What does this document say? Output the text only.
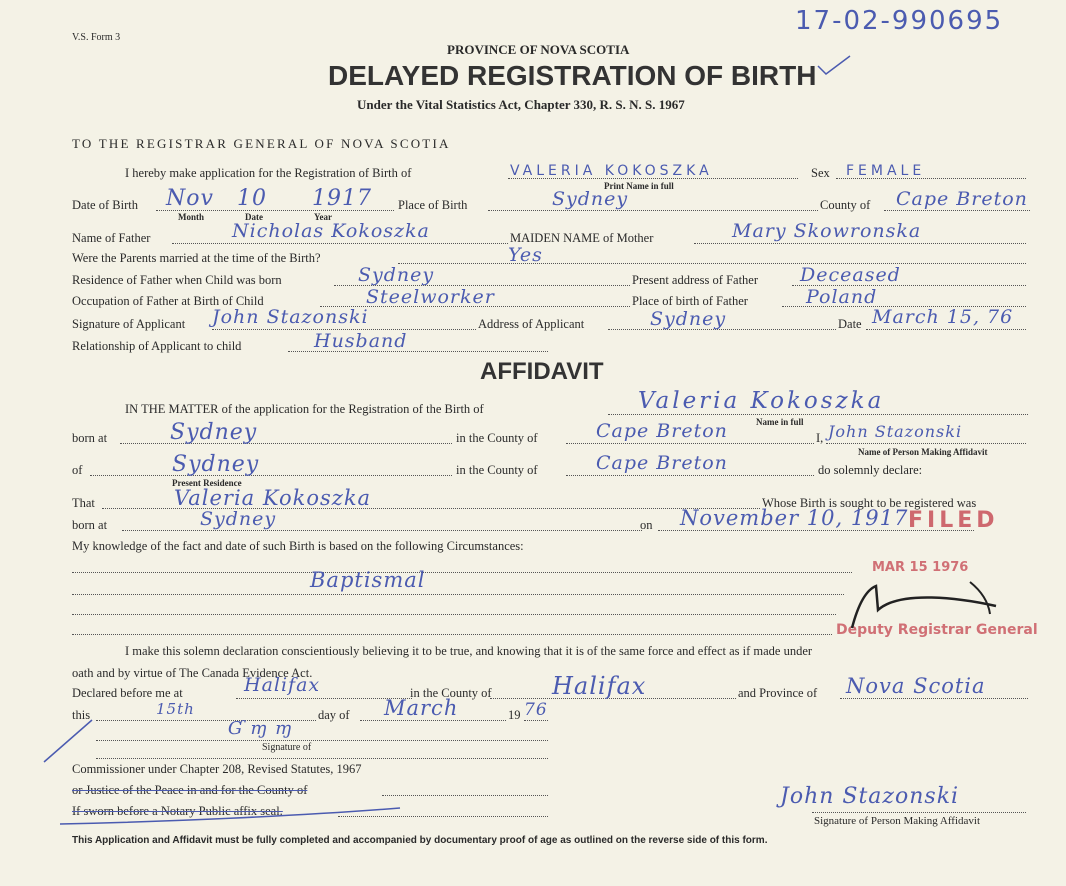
V.S. Form 3
17-02-990695
PROVINCE OF NOVA SCOTIA
DELAYED REGISTRATION OF BIRTH
Under the Vital Statistics Act, Chapter 330, R. S. N. S. 1967
TO THE REGISTRAR GENERAL OF NOVA SCOTIA
I hereby make application for the Registration of Birth of	VALERIA KOKOSZKA
Print Name in full
Sex FEMALE
Date of Birth Nov 10 1917
Month	Date	Year
Place of Birth	Sydney	County of Cape Breton
Name of Father	Nicholas Kokoszka	MAIDEN NAME of Mother	Mary Skowronska
Were the Parents married at the time of the Birth?	Yes
Residence of Father when Child was born	Sydney	Present address of Father Deceased
Occupation of Father at Birth of Child	Steelworker	Place of birth of Father	Poland
Signature of Applicant John Stazonski	Address of Applicant	Sydney	Date March 15, 76
Relationship of Applicant to child	Husband
AFFIDAVIT
IN THE MATTER of the application for the Registration of the Birth of	Valeria Kokoszka
Name in full
born at	Sydney	in the County of	Cape Breton	I, John Stazonski
Name of Person Making Affidavit
of	Sydney
Present Residence
in the County of	Cape Breton	do solemnly declare:
That	Valeria Kokoszka	Whose Birth is sought to be registered was
born at	Sydney	on November 10, 1917
My knowledge of the fact and date of such Birth is based on the following Circumstances:
Baptismal
I make this solemn declaration conscientiously believing it to be true, and knowing that it is of the same force and effect as if made under
oath and by virtue of The Canada Evidence Act.
Declared before me at	Halifax	in the County of	Halifax	and Province of Nova Scotia
this	15th	day of March	19 76
Ɠ ɱ ɱ
Signature of
Commissioner under Chapter 208, Revised Statutes, 1967
or Justice of the Peace in and for the County of
If sworn before a Notary Public affix seal.
John Stazonski
Signature of Person Making Affidavit
FILED
MAR 15 1976
Deputy Registrar General
This Application and Affidavit must be fully completed and accompanied by documentary proof of age as outlined on the reverse side of this form.
